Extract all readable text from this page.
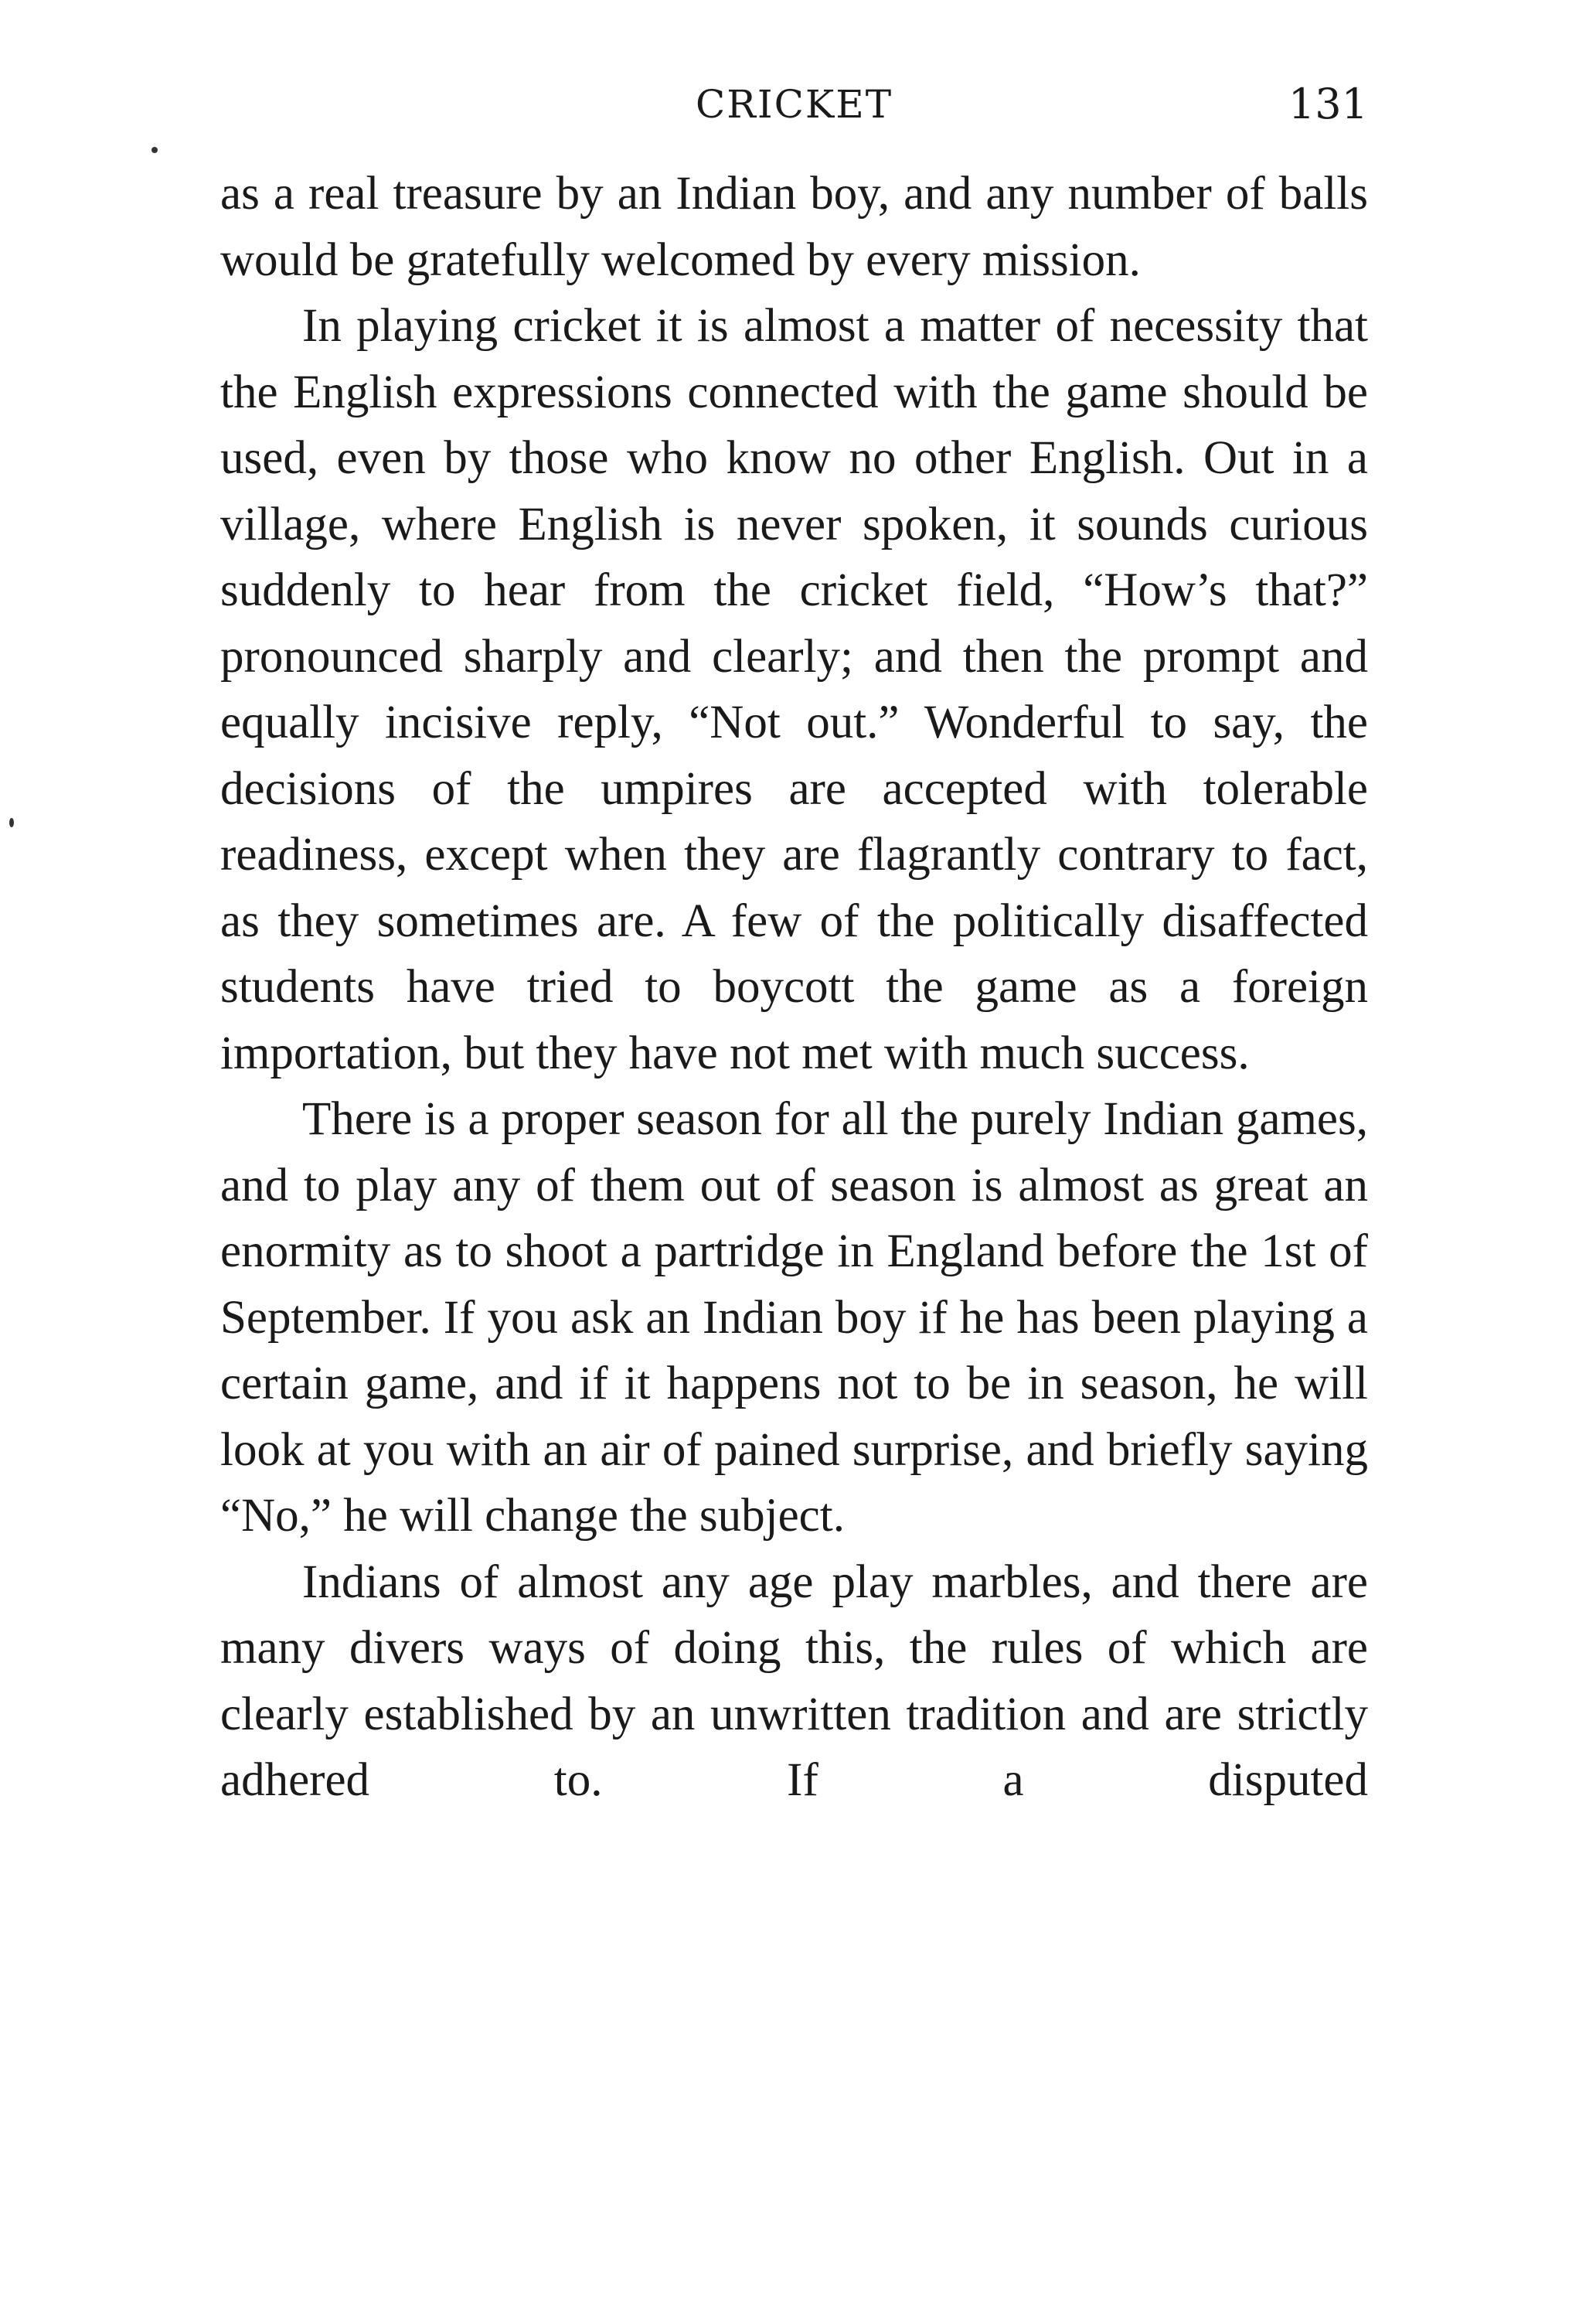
CRICKET	131

as a real treasure by an Indian boy, and any number of balls would be gratefully welcomed by every mission.

In playing cricket it is almost a matter of necessity that the English expressions connected with the game should be used, even by those who know no other English. Out in a village, where English is never spoken, it sounds curious suddenly to hear from the cricket field, “How’s that?” pronounced sharply and clearly; and then the prompt and equally incisive reply, “Not out.” Wonderful to say, the decisions of the umpires are accepted with tolerable readiness, except when they are flagrantly contrary to fact, as they sometimes are. A few of the politically disaffected students have tried to boycott the game as a foreign importation, but they have not met with much success.

There is a proper season for all the purely Indian games, and to play any of them out of season is almost as great an enormity as to shoot a partridge in England before the 1st of September. If you ask an Indian boy if he has been playing a certain game, and if it happens not to be in season, he will look at you with an air of pained surprise, and briefly saying “No,” he will change the subject.

Indians of almost any age play marbles, and there are many divers ways of doing this, the rules of which are clearly established by an unwritten tradition and are strictly adhered to. If a disputed
